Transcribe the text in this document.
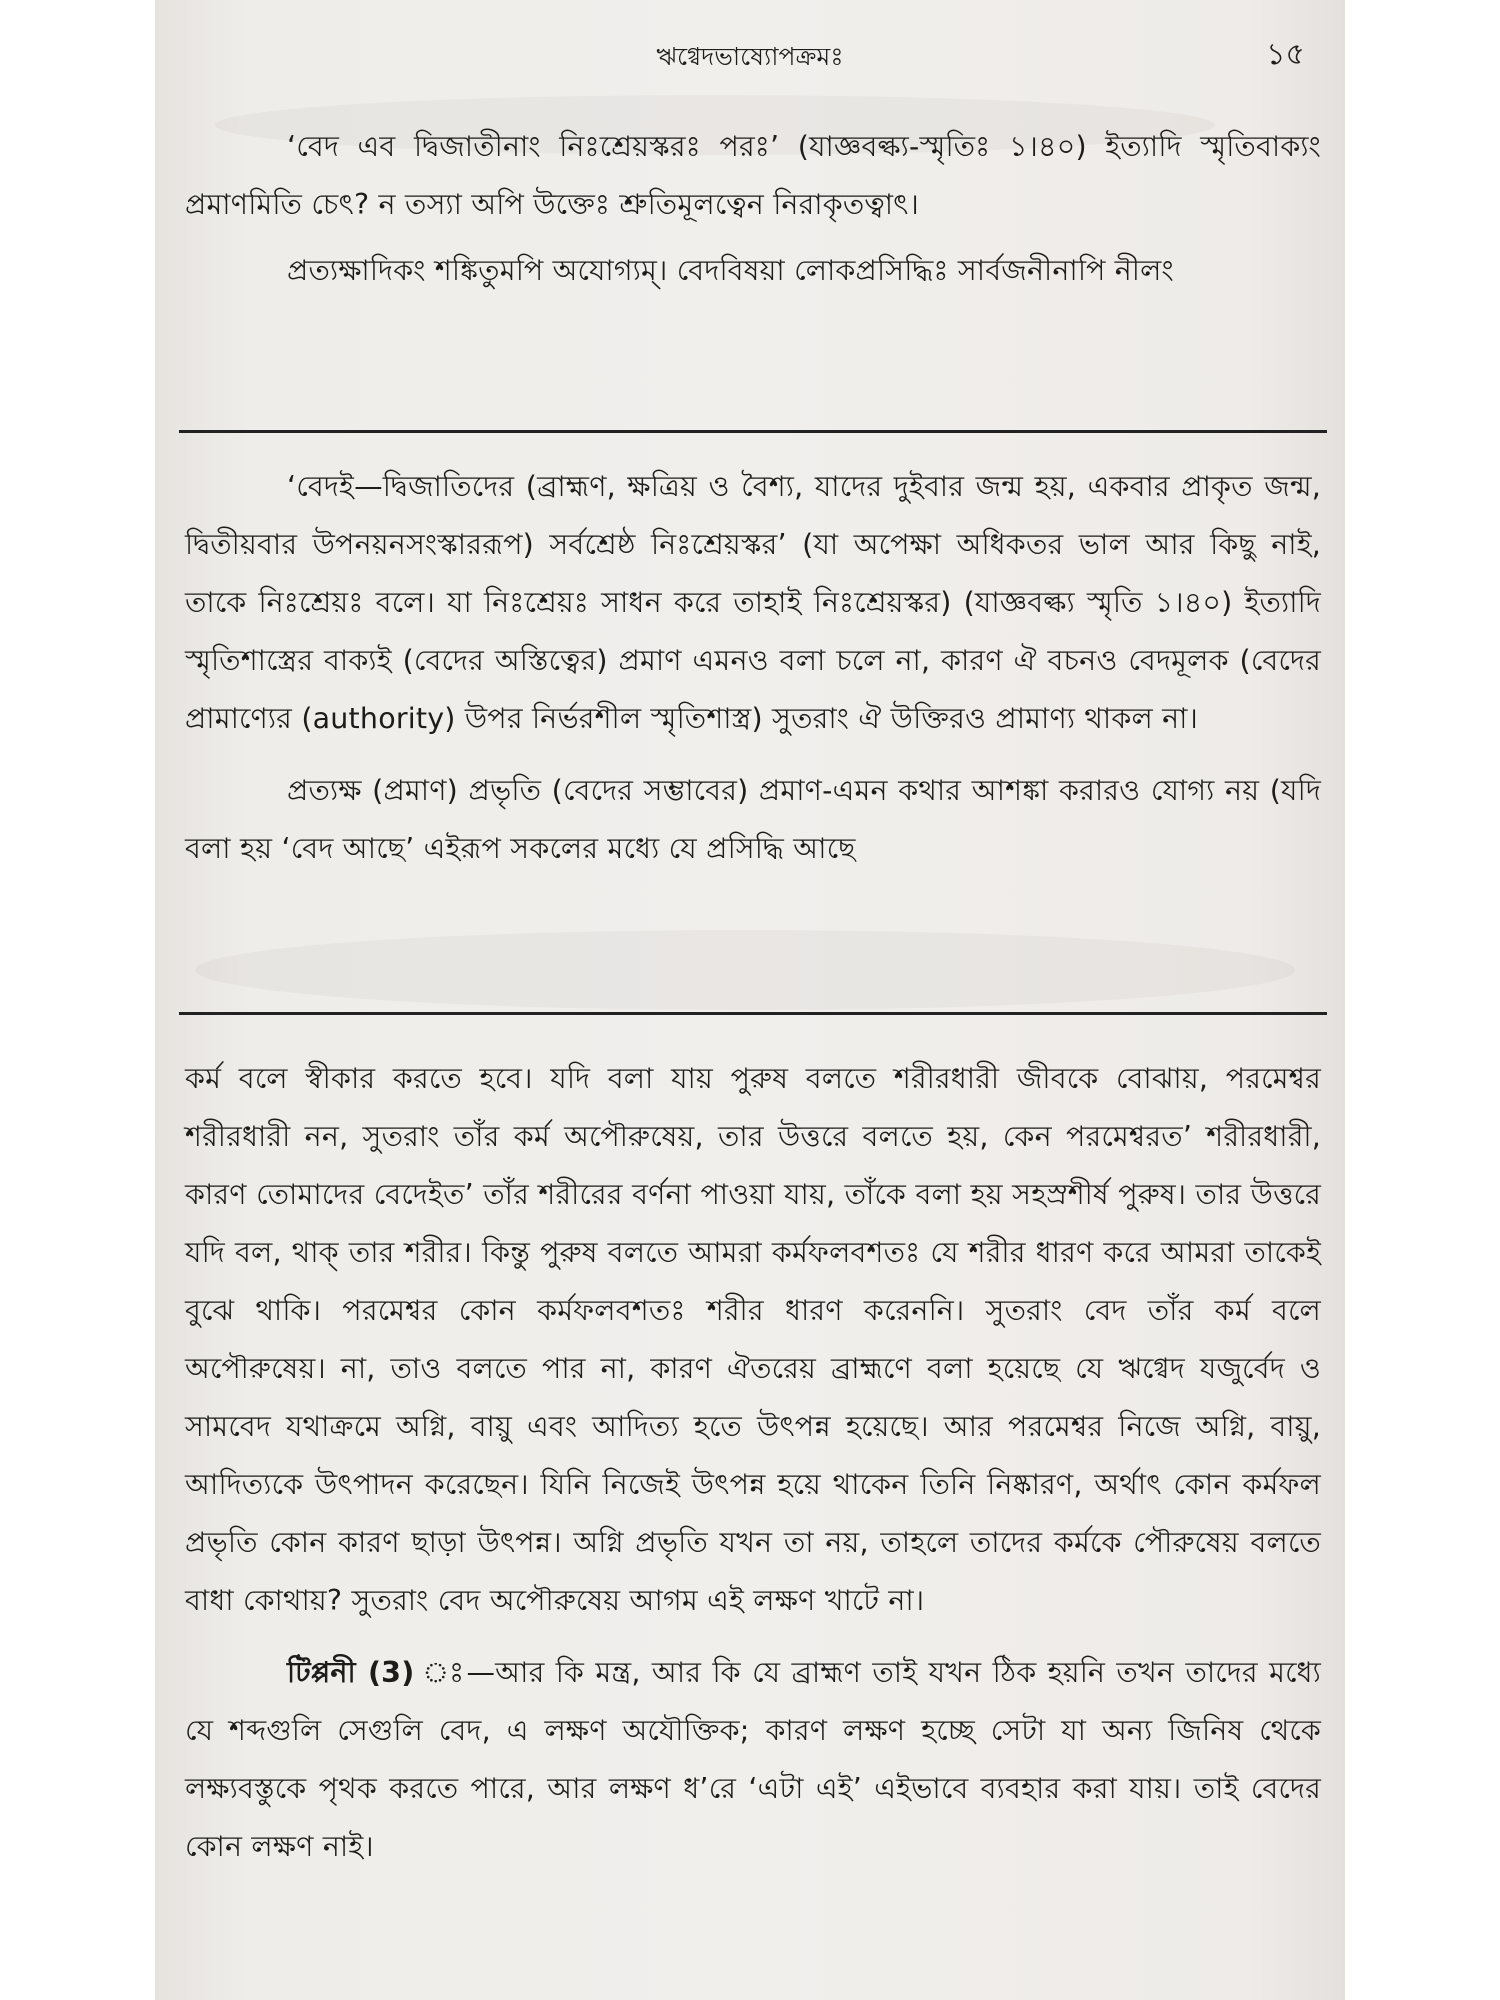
ঋগ্বেদভাষ্যোপক্রমঃ	১৫

‘বেদ এব দ্বিজাতীনাং নিঃশ্রেয়স্করঃ পরঃ’ (যাজ্ঞবল্ক্য-স্মৃতিঃ ১।৪০) ইত্যাদি স্মৃতিবাক্যং প্রমাণমিতি চেৎ? ন তস্যা অপি উক্তেঃ শ্রুতিমূলত্বেন নিরাকৃতত্বাৎ।

প্রত্যক্ষাদিকং শঙ্কিতুমপি অযোগ্যম্। বেদবিষয়া লোকপ্রসিদ্ধিঃ সার্বজনীনাপি নীলং

‘বেদই—দ্বিজাতিদের (ব্রাহ্মণ, ক্ষত্রিয় ও বৈশ্য, যাদের দুইবার জন্ম হয়, একবার প্রাকৃত জন্ম, দ্বিতীয়বার উপনয়নসংস্কাররূপ) সর্বশ্রেষ্ঠ নিঃশ্রেয়স্কর’ (যা অপেক্ষা অধিকতর ভাল আর কিছু নাই, তাকে নিঃশ্রেয়ঃ বলে। যা নিঃশ্রেয়ঃ সাধন করে তাহাই নিঃশ্রেয়স্কর) (যাজ্ঞবল্ক্য স্মৃতি ১।৪০) ইত্যাদি স্মৃতিশাস্ত্রের বাক্যই (বেদের অস্তিত্বের) প্রমাণ এমনও বলা চলে না, কারণ ঐ বচনও বেদমূলক (বেদের প্রামাণ্যের (authority) উপর নির্ভরশীল স্মৃতিশাস্ত্র) সুতরাং ঐ উক্তিরও প্রামাণ্য থাকল না।

প্রত্যক্ষ (প্রমাণ) প্রভৃতি (বেদের সম্ভাবের) প্রমাণ-এমন কথার আশঙ্কা করারও যোগ্য নয় (যদি বলা হয় ‘বেদ আছে’ এইরূপ সকলের মধ্যে যে প্রসিদ্ধি আছে

কর্ম বলে স্বীকার করতে হবে। যদি বলা যায় পুরুষ বলতে শরীরধারী জীবকে বোঝায়, পরমেশ্বর শরীরধারী নন, সুতরাং তাঁর কর্ম অপৌরুষেয়, তার উত্তরে বলতে হয়, কেন পরমেশ্বরত’ শরীরধারী, কারণ তোমাদের বেদেইত’ তাঁর শরীরের বর্ণনা পাওয়া যায়, তাঁকে বলা হয় সহস্রশীর্ষ পুরুষ। তার উত্তরে যদি বল, থাক্ তার শরীর। কিন্তু পুরুষ বলতে আমরা কর্মফলবশতঃ যে শরীর ধারণ করে আমরা তাকেই বুঝে থাকি। পরমেশ্বর কোন কর্মফলবশতঃ শরীর ধারণ করেননি। সুতরাং বেদ তাঁর কর্ম বলে অপৌরুষেয়। না, তাও বলতে পার না, কারণ ঐতরেয় ব্রাহ্মণে বলা হয়েছে যে ঋগ্বেদ যজুর্বেদ ও সামবেদ যথাক্রমে অগ্নি, বায়ু এবং আদিত্য হতে উৎপন্ন হয়েছে। আর পরমেশ্বর নিজে অগ্নি, বায়ু, আদিত্যকে উৎপাদন করেছেন। যিনি নিজেই উৎপন্ন হয়ে থাকেন তিনি নিষ্কারণ, অর্থাৎ কোন কর্মফল প্রভৃতি কোন কারণ ছাড়া উৎপন্ন। অগ্নি প্রভৃতি যখন তা নয়, তাহলে তাদের কর্মকে পৌরুষেয় বলতে বাধা কোথায়? সুতরাং বেদ অপৌরুষেয় আগম এই লক্ষণ খাটে না।

টিপ্পনী (3) ঃ—আর কি মন্ত্র, আর কি যে ব্রাহ্মণ তাই যখন ঠিক হয়নি তখন তাদের মধ্যে যে শব্দগুলি সেগুলি বেদ, এ লক্ষণ অযৌক্তিক; কারণ লক্ষণ হচ্ছে সেটা যা অন্য জিনিষ থেকে লক্ষ্যবস্তুকে পৃথক করতে পারে, আর লক্ষণ ধ’রে ‘এটা এই’ এইভাবে ব্যবহার করা যায়। তাই বেদের কোন লক্ষণ নাই।
